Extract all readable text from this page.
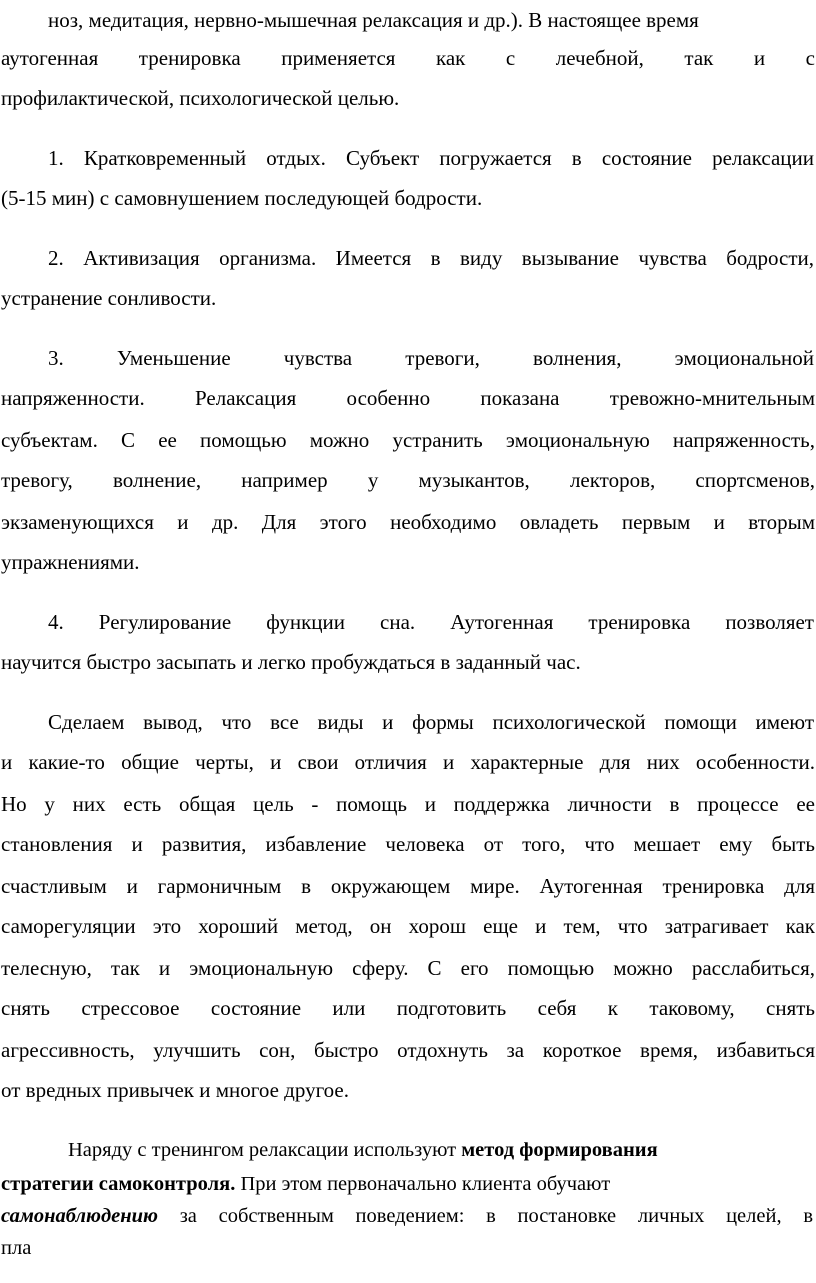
ноз, медитация, нервно-мышечная релаксация и др.). В настоящее время
аутогенная тренировка применяется как с лечебной, так и с
профилактической, психологической целью.
1. Кратковременный отдых. Субъект погружается в состояние релаксации
(5-15 мин) с самовнушением последующей бодрости.
2. Активизация организма. Имеется в виду вызывание чувства бодрости,
устранение сонливости.
3. Уменьшение чувства тревоги, волнения, эмоциональной
напряженности. Релаксация особенно показана тревожно-мнительным
субъектам. С ее помощью можно устранить эмоциональную напряженность,
тревогу, волнение, например у музыкантов, лекторов, спортсменов,
экзаменующихся и др. Для этого необходимо овладеть первым и вторым
упражнениями.
4. Регулирование функции сна. Аутогенная тренировка позволяет
научится быстро засыпать и легко пробуждаться в заданный час.
Сделаем вывод, что все виды и формы психологической помощи имеют
и какие-то общие черты, и свои отличия и характерные для них особенности.
Но у них есть общая цель - помощь и поддержка личности в процессе ее
становления и развития, избавление человека от того, что мешает ему быть
счастливым и гармоничным в окружающем мире. Аутогенная тренировка для
саморегуляции это хороший метод, он хорош еще и тем, что затрагивает как
телесную, так и эмоциональную сферу. С его помощью можно расслабиться,
снять стрессовое состояние или подготовить себя к таковому, снять
агрессивность, улучшить сон, быстро отдохнуть за короткое время, избавиться
от вредных привычек и многое другое.
Наряду с тренингом релаксации используют метод формирования
стратегии самоконтроля. При этом первоначально клиента обучают
самонаблюдению за собственным поведением: в постановке личных целей, в
пла
